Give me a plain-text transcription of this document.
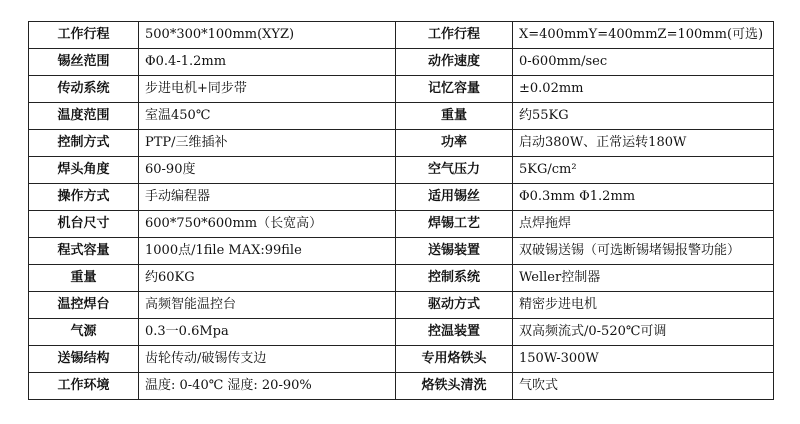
工作行程	500*300*100mm(XYZ)	工作行程	X=400mmY=400mmZ=100mm(可选)
锡丝范围	Φ0.4-1.2mm	动作速度	0-600mm/sec
传动系统	步进电机+同步带	记忆容量	±0.02mm
温度范围	室温450℃	重量	约55KG
控制方式	PTP/三维插补	功率	启动380W、正常运转180W
焊头角度	60-90度	空气压力	5KG/cm²
操作方式	手动编程器	适用锡丝	Φ0.3mm Φ1.2mm
机台尺寸	600*750*600mm（长宽高）	焊锡工艺	点焊拖焊
程式容量	1000点/1file MAX:99file	送锡装置	双破锡送锡（可选断锡堵锡报警功能）
重量	约60KG	控制系统	Weller控制器
温控焊台	高频智能温控台	驱动方式	精密步进电机
气源	0.3一0.6Mpa	控温装置	双高频流式/0-520℃可调
送锡结构	齿轮传动/破锡传支边	专用烙铁头	150W-300W
工作环境	温度: 0-40℃ 湿度: 20-90%	烙铁头清洗	气吹式
